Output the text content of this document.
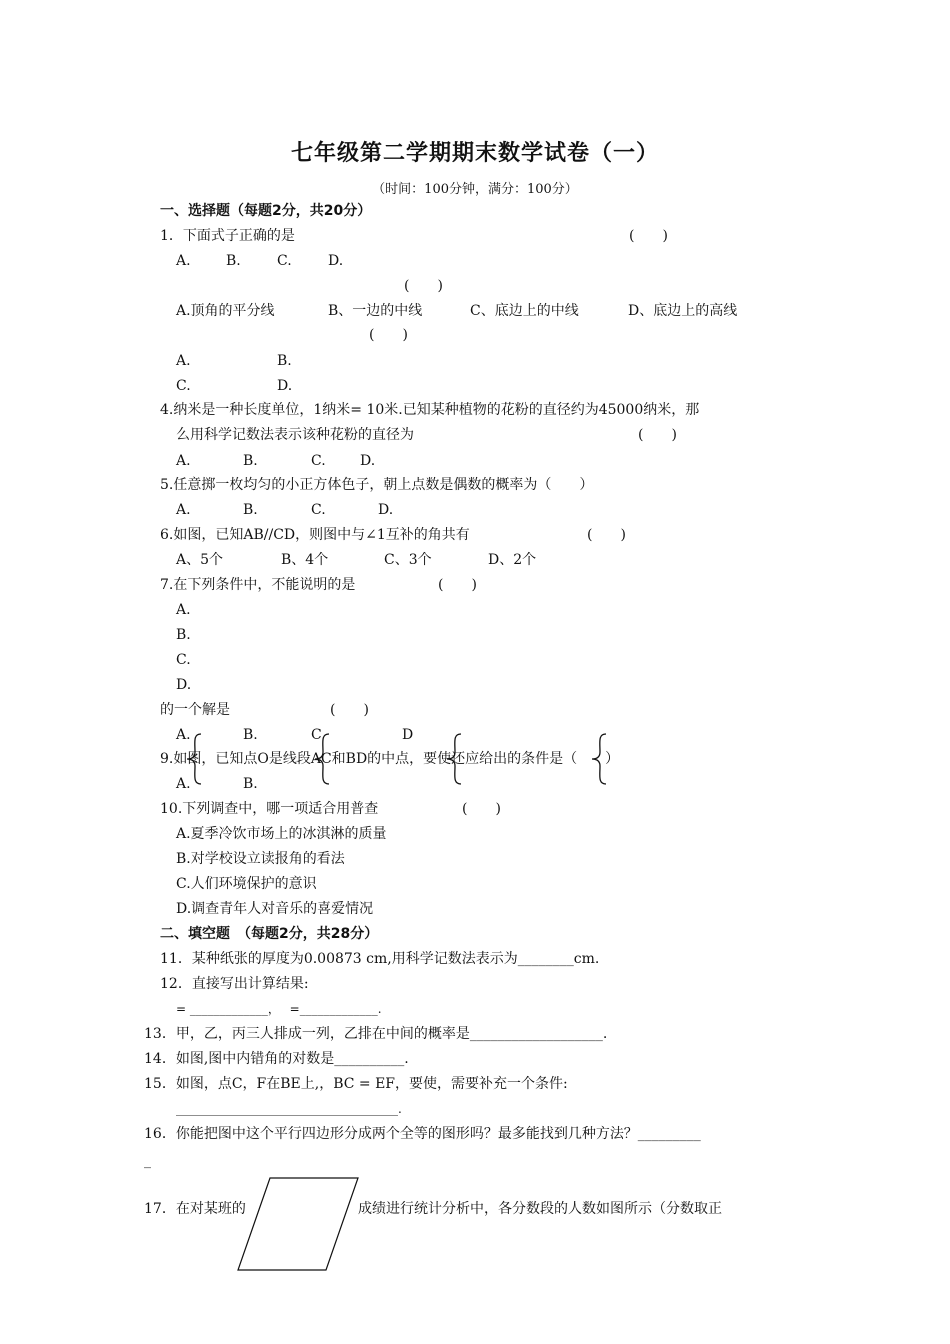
七年级第二学期期末数学试卷（一）
（时间：100分钟，满分：100分）
一、选择题（每题2分，共20分）
1．下面式子正确的是	(　　)
A.	B.	C.	D.
(　　)
A.顶角的平分线	B、一边的中线	C、底边上的中线	D、底边上的高线
(　　)
A.	B.
C.	D.
4.纳米是一种长度单位，1纳米= 10米.已知某种植物的花粉的直径约为45000纳米，那
么用科学记数法表示该种花粉的直径为	(　　)
A.	B.	C. D.
5.任意掷一枚均匀的小正方体色子，朝上点数是偶数的概率为（　　）
A.	B.	C.	D.
6.如图，已知AB//CD，则图中与∠1互补的角共有	(　　)
A、5个	B、4个	C、3个	D、2个
7.在下列条件中，不能说明的是	(　　)
A.
B.
C.
D.
的一个解是	(　　)
A.	B.	C	D
9.如图，已知点O是线段AC和BD的中点，要使还应给出的条件是（　　）
A.	B.
10.下列调查中，哪一项适合用普查	(　　)
A.夏季冷饮市场上的冰淇淋的质量
B.对学校设立读报角的看法
C.人们环境保护的意识
D.调查青年人对音乐的喜爱情况
二、填空题　（每题2分，共28分）
11．某种纸张的厚度为0.00873 cm,用科学记数法表示为________cm.
12．直接写出计算结果:
= _____________，　 =_____________.
13．甲，乙，丙三人排成一列，乙排在中间的概率是___________________.
14．如图,图中内错角的对数是__________.
15．如图，点C，F在BE上,，BC = EF，要使，需要补充一个条件:
_____________________________________.
16．你能把图中这个平行四边形分成两个全等的图形吗？最多能找到几种方法？_________
_
17．在对某班的	成绩进行统计分析中，各分数段的人数如图所示（分数取正
